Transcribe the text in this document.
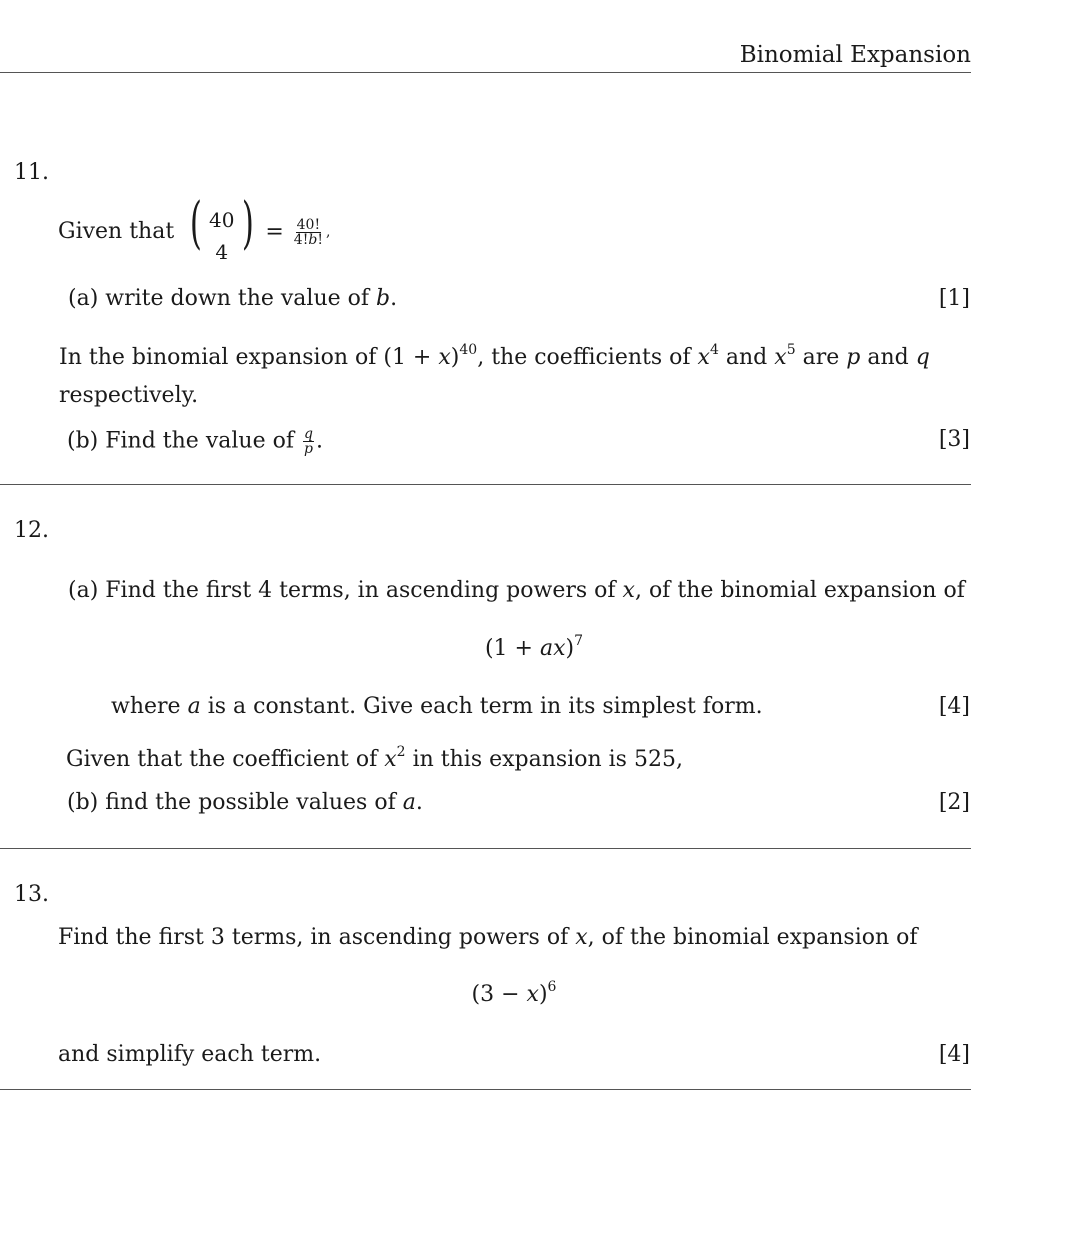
Binomial Expansion
11.
Given that ( 40
4 ) = $\frac{40!}{4!b!}$ ,
(a) write down the value of b.	[1]
In the binomial expansion of $(1 + x)^{40}$, the coefficients of $x^4$ and $x^5$ are p and q
respectively.
(b) Find the value of $\frac{q}{p}$ .	[3]
12.
(a) Find the first 4 terms, in ascending powers of x, of the binomial expansion of
(1 + ax)$^7$
where a is a constant. Give each term in its simplest form.	[4]
Given that the coefficient of $x^2$ in this expansion is 525,
(b) find the possible values of a.	[2]
13.
Find the first 3 terms, in ascending powers of x, of the binomial expansion of
$(3 - x)^6$
and simplify each term.	[4]
